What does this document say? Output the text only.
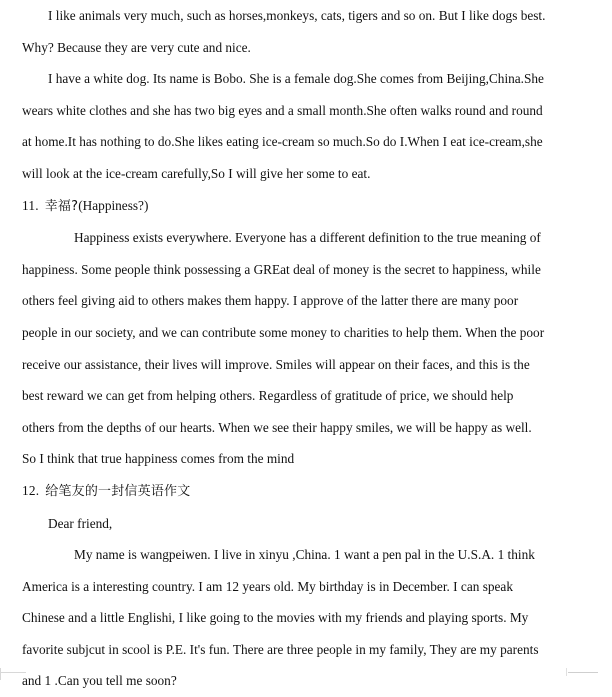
I like animals very much, such as horses,monkeys, cats, tigers and so on. But I like dogs best.

Why? Because they are very cute and nice.

I have a white dog. Its name is Bobo. She is a female dog.She comes from Beijing,China.She

wears white clothes and she has two big eyes and a small month.She often walks round and round

at home.It has nothing to do.She likes eating ice-cream so much.So do I.When I eat ice-cream,she

will look at the ice-cream carefully,So I will give her some to eat.

11. 幸福?(Happiness?)

Happiness exists everywhere. Everyone has a different definition to the true meaning of

happiness. Some people think possessing a GREat deal of money is the secret to happiness, while

others feel giving aid to others makes them happy. I approve of the latter there are many poor

people in our society, and we can contribute some money to charities to help them. When the poor

receive our assistance, their lives will improve. Smiles will appear on their faces, and this is the

best reward we can get from helping others. Regardless of gratitude of price, we should help

others from the depths of our hearts. When we see their happy smiles, we will be happy as well.

So I think that true happiness comes from the mind

12. 给笔友的一封信英语作文

Dear friend,

My name is wangpeiwen. I live in xinyu ,China. 1 want a pen pal in the U.S.A. 1 think

America is a interesting country. I am 12 years old. My birthday is in December. I can speak

Chinese and a little Englishi, I like going to the movies with my friends and playing sports. My

favorite subjcut in scool is P.E. It's fun. There are three people in my family, They are my parents

and 1 .Can you tell me soon?
